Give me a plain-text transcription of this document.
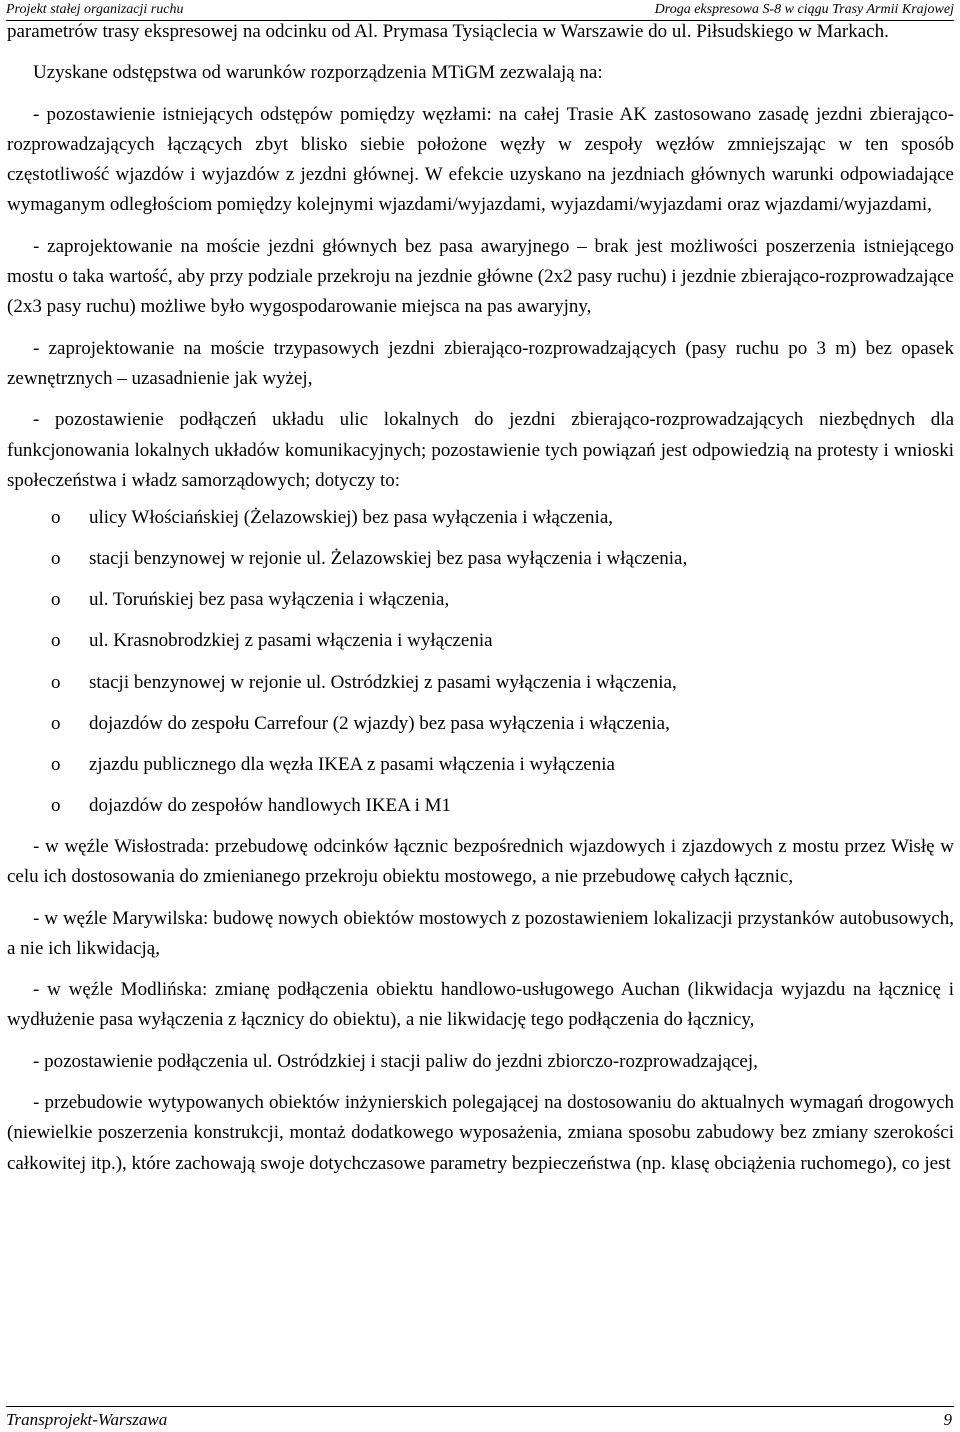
Projekt stałej organizacji ruchu	Droga ekspresowa S-8 w ciągu Trasy Armii Krajowej

parametrów trasy ekspresowej na odcinku od Al. Prymasa Tysiąclecia w Warszawie do ul. Piłsudskiego w Markach.

Uzyskane odstępstwa od warunków rozporządzenia MTiGM zezwalają na:

- pozostawienie istniejących odstępów pomiędzy węzłami: na całej Trasie AK zastosowano zasadę jezdni zbierająco-rozprowadzających łączących zbyt blisko siebie położone węzły w zespoły węzłów zmniejszając w ten sposób częstotliwość wjazdów i wyjazdów z jezdni głównej. W efekcie uzyskano na jezdniach głównych warunki odpowiadające wymaganym odległościom pomiędzy kolejnymi wjazdami/wyjazdami, wyjazdami/wyjazdami oraz wjazdami/wyjazdami,

- zaprojektowanie na moście jezdni głównych bez pasa awaryjnego – brak jest możliwości poszerzenia istniejącego mostu o taka wartość, aby przy podziale przekroju na jezdnie główne (2x2 pasy ruchu) i jezdnie zbierająco-rozprowadzające (2x3 pasy ruchu) możliwe było wygospodarowanie miejsca na pas awaryjny,

- zaprojektowanie na moście trzypasowych jezdni zbierająco-rozprowadzających (pasy ruchu po 3 m) bez opasek zewnętrznych – uzasadnienie jak wyżej,

- pozostawienie podłączeń układu ulic lokalnych do jezdni zbierająco-rozprowadzających niezbędnych dla funkcjonowania lokalnych układów komunikacyjnych; pozostawienie tych powiązań jest odpowiedzią na protesty i wnioski społeczeństwa i władz samorządowych; dotyczy to:

o ulicy Włościańskiej (Żelazowskiej) bez pasa wyłączenia i włączenia,
o stacji benzynowej w rejonie ul. Żelazowskiej bez pasa wyłączenia i włączenia,
o ul. Toruńskiej bez pasa wyłączenia i włączenia,
o ul. Krasnobrodzkiej z pasami włączenia i wyłączenia
o stacji benzynowej w rejonie ul. Ostródzkiej z pasami wyłączenia i włączenia,
o dojazdów do zespołu Carrefour (2 wjazdy) bez pasa wyłączenia i włączenia,
o zjazdu publicznego dla węzła IKEA z pasami włączenia i wyłączenia
o dojazdów do zespołów handlowych IKEA i M1

- w węźle Wisłostrada: przebudowę odcinków łącznic bezpośrednich wjazdowych i zjazdowych z mostu przez Wisłę w celu ich dostosowania do zmienianego przekroju obiektu mostowego, a nie przebudowę całych łącznic,

- w węźle Marywilska: budowę nowych obiektów mostowych z pozostawieniem lokalizacji przystanków autobusowych, a nie ich likwidacją,

- w węźle Modlińska: zmianę podłączenia obiektu handlowo-usługowego Auchan (likwidacja wyjazdu na łącznicę i wydłużenie pasa wyłączenia z łącznicy do obiektu), a nie likwidację tego podłączenia do łącznicy,

- pozostawienie podłączenia ul. Ostródzkiej i stacji paliw do jezdni zbiorczo-rozprowadzającej,

- przebudowie wytypowanych obiektów inżynierskich polegającej na dostosowaniu do aktualnych wymagań drogowych (niewielkie poszerzenia konstrukcji, montaż dodatkowego wyposażenia, zmiana sposobu zabudowy bez zmiany szerokości całkowitej itp.), które zachowają swoje dotychczasowe parametry bezpieczeństwa (np. klasę obciążenia ruchomego), co jest

Transprojekt-Warszawa	9
